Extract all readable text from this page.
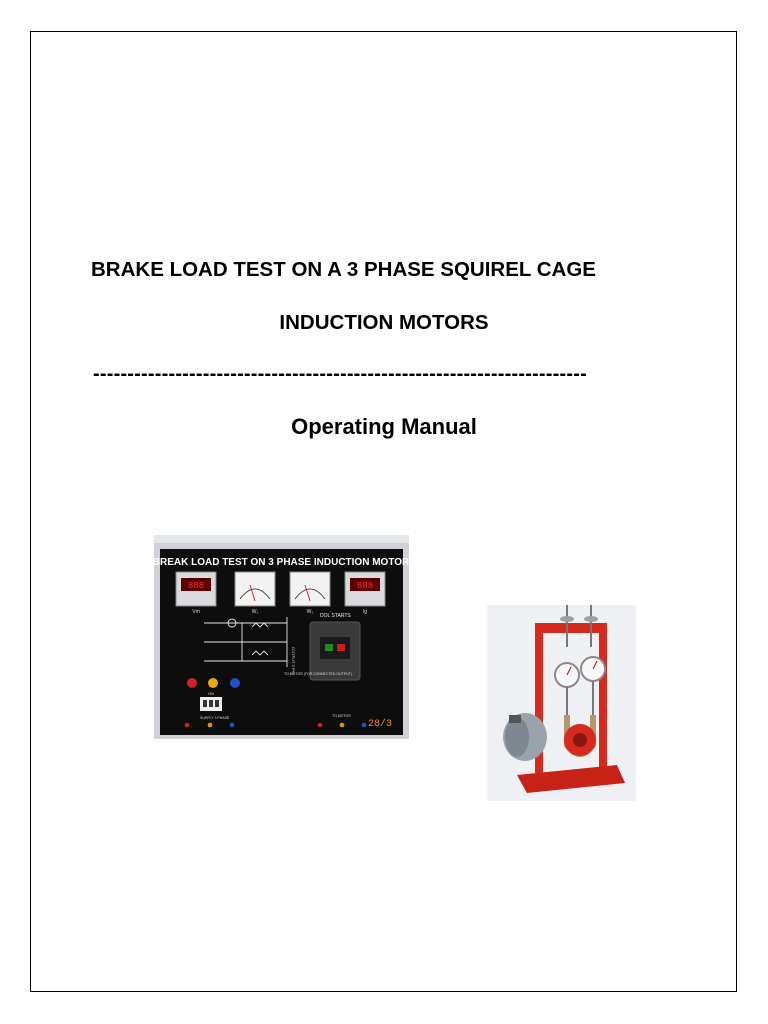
BRAKE LOAD TEST ON A 3 PHASE SQUIREL CAGE
INDUCTION MOTORS
------------------------------------------------------------------------
Operating Manual
BREAK LOAD TEST ON 3 PHASE INDUCTION MOTOR
888
Vm	W₁	W₂
888
Ig
OUTPUT 3 PH
DOL STARTS
TO MOTOR (FOR CONNECTED OUTPUT)
ON
SUPPLY 3 PHASE	TO MOTOR
28/3
